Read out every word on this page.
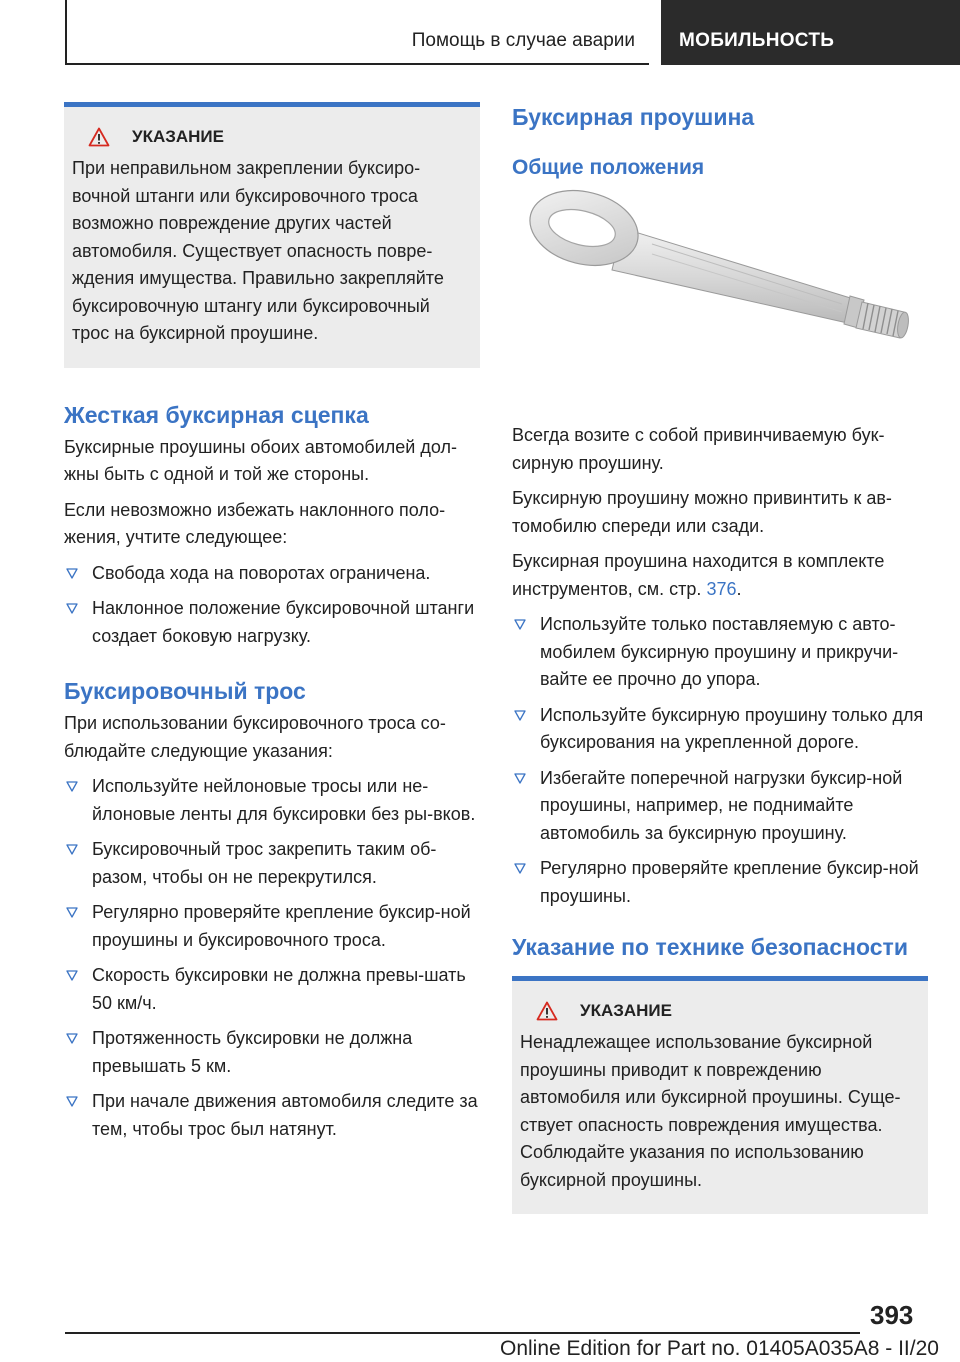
Помощь в случае аварии МОБИЛЬНОСТЬ
УКАЗАНИЕ
При неправильном закреплении буксиро-вочной штанги или буксировочного троса возможно повреждение других частей автомобиля. Существует опасность повре-ждения имущества. Правильно закрепляйте буксировочную штангу или буксировочный трос на буксирной проушине.
Жесткая буксирная сцепка

Буксирные проушины обоих автомобилей дол-жны быть с одной и той же стороны.

Если невозможно избежать наклонного поло-жения, учтите следующее:

Свобода хода на поворотах ограничена.
Наклонное положение буксировочной штанги создает боковую нагрузку.
Буксировочный трос

При использовании буксировочного троса со-блюдайте следующие указания:

Используйте нейлоновые тросы или не-йлоновые ленты для буксировки без ры-вков.
Буксировочный трос закрепить таким об-разом, чтобы он не перекрутился.
Регулярно проверяйте крепление буксир-ной проушины и буксировочного троса.
Скорость буксировки не должна превы-шать 50 км/ч.
Протяженность буксировки не должна превышать 5 км.
При начале движения автомобиля следите за тем, чтобы трос был натянут.
Буксирная проушина
Общие положения

Всегда возите с собой привинчиваемую бук-сирную проушину.

Буксирную проушину можно привинтить к ав-томобилю спереди или сзади.

Буксирная проушина находится в комплекте инструментов, см. стр. 376.

Используйте только поставляемую с авто-мобилем буксирную проушину и прикручи-вайте ее прочно до упора.
Используйте буксирную проушину только для буксирования на укрепленной дороге.
Избегайте поперечной нагрузки буксир-ной проушины, например, не поднимайте автомобиль за буксирную проушину.
Регулярно проверяйте крепление буксир-ной проушины.
Указание по технике безопасности
УКАЗАНИЕ
Ненадлежащее использование буксирной проушины приводит к повреждению автомобиля или буксирной проушины. Суще-ствует опасность повреждения имущества. Соблюдайте указания по использованию буксирной проушины.
393
Online Edition for Part no. 01405A035A8 - II/20
